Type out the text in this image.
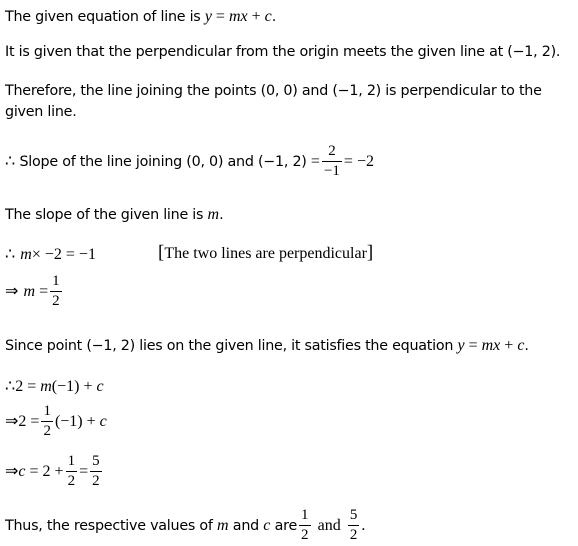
The given equation of line is y = mx + c.
It is given that the perpendicular from the origin meets the given line at (−1, 2).
Therefore, the line joining the points (0, 0) and (−1, 2) is perpendicular to the
given line.
∴ Slope of the line joining (0, 0) and (−1, $2) = \frac{2}{-1} = -2$
The slope of the given line is m.
∴ m× −2 = −1	[The two lines are perpendicular]
⇒ $m = \frac{1}{2}$
Since point (−1, 2) lies on the given line, it satisfies the equation y = mx + c.
∴2 = m(−1) + c
⇒2 = $\frac{1}{2} (-1) + c$
⇒c = $2 + \frac{1}{2} = \frac{5}{2}$
Thus, the respective values of m and c are $\frac{1}{2}$ and $\frac{5}{2}$ .
